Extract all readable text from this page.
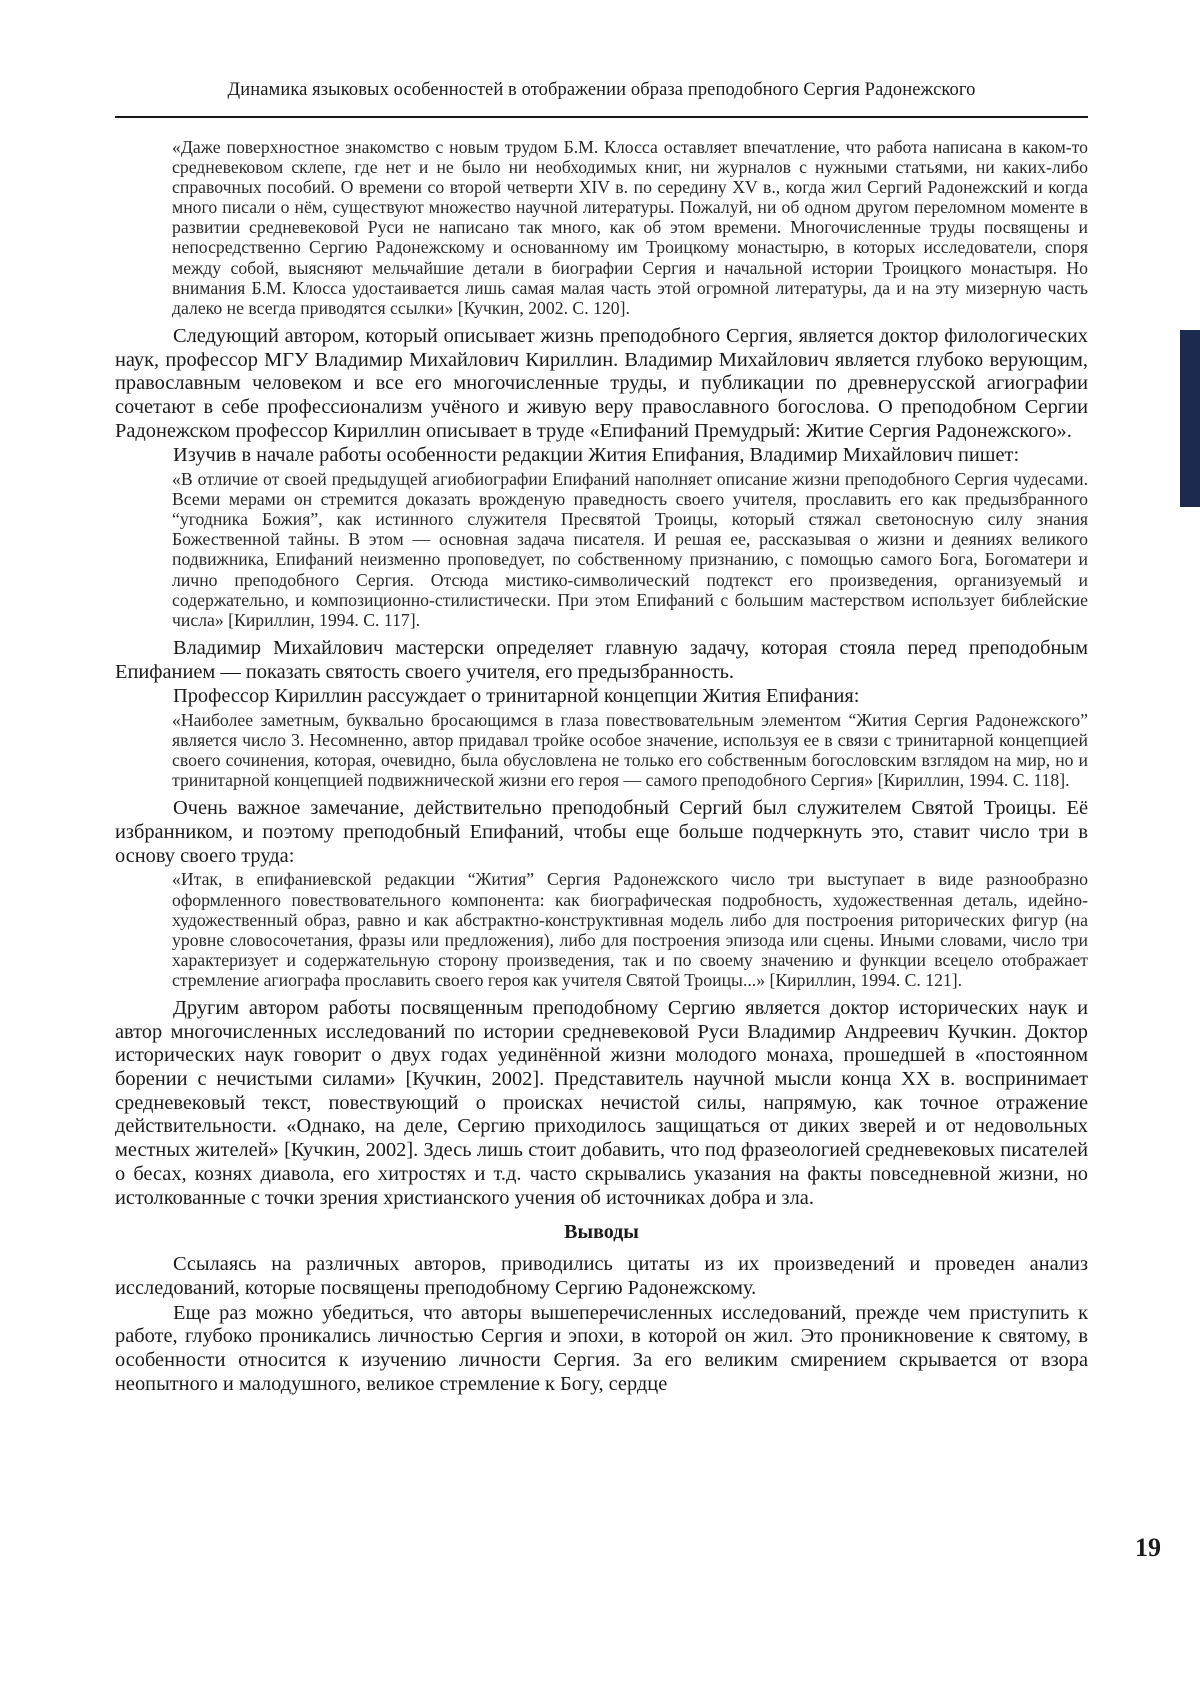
Динамика языковых особенностей в отображении образа преподобного Сергия Радонежского

«Даже поверхностное знакомство с новым трудом Б.М. Клосса оставляет впечатление, что работа написана в каком-то средневековом склепе, где нет и не было ни необходимых книг, ни журналов с нужными статьями, ни каких-либо справочных пособий. О времени со второй четверти XIV в. по середину XV в., когда жил Сергий Радонежский и когда много писали о нём, существуют множество научной литературы. Пожалуй, ни об одном другом переломном моменте в развитии средневековой Руси не написано так много, как об этом времени. Многочисленные труды посвящены и непосредственно Сергию Радонежскому и основанному им Троицкому монастырю, в которых исследователи, споря между собой, выясняют мельчайшие детали в биографии Сергия и начальной истории Троицкого монастыря. Но внимания Б.М. Клосса удостаивается лишь самая малая часть этой огромной литературы, да и на эту мизерную часть далеко не всегда приводятся ссылки» [Кучкин, 2002. С. 120].

Следующий автором, который описывает жизнь преподобного Сергия, является доктор филологических наук, профессор МГУ Владимир Михайлович Кириллин. Владимир Михайлович является глубоко верующим, православным человеком и все его многочисленные труды, и публикации по древнерусской агиографии сочетают в себе профессионализм учёного и живую веру православного богослова. О преподобном Сергии Радонежском профессор Кириллин описывает в труде «Епифаний Премудрый: Житие Сергия Радонежского».

Изучив в начале работы особенности редакции Жития Епифания, Владимир Михайлович пишет:

«В отличие от своей предыдущей агиобиографии Епифаний наполняет описание жизни преподобного Сергия чудесами. Всеми мерами он стремится доказать врожденую праведность своего учителя, прославить его как предызбранного “угодника Божия”, как истинного служителя Пресвятой Троицы, который стяжал светоносную силу знания Божественной тайны. В этом — основная задача писателя. И решая ее, рассказывая о жизни и деяниях великого подвижника, Епифаний неизменно проповедует, по собственному признанию, с помощью самого Бога, Богоматери и лично преподобного Сергия. Отсюда мистико-символический подтекст его произведения, организуемый и содержательно, и композиционно-стилистически. При этом Епифаний с большим мастерством использует библейские числа» [Кириллин, 1994. С. 117].

Владимир Михайлович мастерски определяет главную задачу, которая стояла перед преподобным Епифанием — показать святость своего учителя, его предызбранность.

Профессор Кириллин рассуждает о тринитарной концепции Жития Епифания:

«Наиболее заметным, буквально бросающимся в глаза повествовательным элементом “Жития Сергия Радонежского” является число 3. Несомненно, автор придавал тройке особое значение, используя ее в связи с тринитарной концепцией своего сочинения, которая, очевидно, была обусловлена не только его собственным богословским взглядом на мир, но и тринитарной концепцией подвижнической жизни его героя — самого преподобного Сергия» [Кириллин, 1994. С. 118].

Очень важное замечание, действительно преподобный Сергий был служителем Святой Троицы. Её избранником, и поэтому преподобный Епифаний, чтобы еще больше подчеркнуть это, ставит число три в основу своего труда:

«Итак, в епифаниевской редакции “Жития” Сергия Радонежского число три выступает в виде разнообразно оформленного повествовательного компонента: как биографическая подробность, художественная деталь, идейно-художественный образ, равно и как абстрактно-конструктивная модель либо для построения риторических фигур (на уровне словосочетания, фразы или предложения), либо для построения эпизода или сцены. Иными словами, число три характеризует и содержательную сторону произведения, так и по своему значению и функции всецело отображает стремление агиографа прославить своего героя как учителя Святой Троицы...» [Кириллин, 1994. С. 121].

Другим автором работы посвященным преподобному Сергию является доктор исторических наук и автор многочисленных исследований по истории средневековой Руси Владимир Андреевич Кучкин. Доктор исторических наук говорит о двух годах уединённой жизни молодого монаха, прошедшей в «постоянном борении с нечистыми силами» [Кучкин, 2002]. Представитель научной мысли конца XX в. воспринимает средневековый текст, повествующий о происках нечистой силы, напрямую, как точное отражение действительности. «Однако, на деле, Сергию приходилось защищаться от диких зверей и от недовольных местных жителей» [Кучкин, 2002]. Здесь лишь стоит добавить, что под фразеологией средневековых писателей о бесах, кознях диавола, его хитростях и т.д. часто скрывались указания на факты повседневной жизни, но истолкованные с точки зрения христианского учения об источниках добра и зла.

Выводы

Ссылаясь на различных авторов, приводились цитаты из их произведений и проведен анализ исследований, которые посвящены преподобному Сергию Радонежскому.

Еще раз можно убедиться, что авторы вышеперечисленных исследований, прежде чем приступить к работе, глубоко проникались личностью Сергия и эпохи, в которой он жил. Это проникновение к святому, в особенности относится к изучению личности Сергия. За его великим смирением скрывается от взора неопытного и малодушного, великое стремление к Богу, сердце

19
